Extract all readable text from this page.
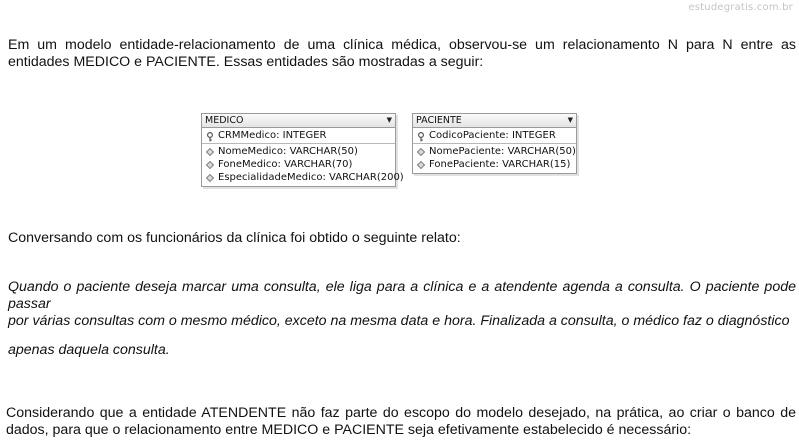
estudegratis.com.br
Em um modelo entidade-relacionamento de uma clínica médica, observou-se um relacionamento N para N entre as entidades MEDICO e PACIENTE. Essas entidades são mostradas a seguir:
MEDICO	▼
CRMMedico: INTEGER
NomeMedico: VARCHAR(50)
FoneMedico: VARCHAR(70)
EspecialidadeMedico: VARCHAR(200)
PACIENTE	▼
CodicoPaciente: INTEGER
NomePaciente: VARCHAR(50)
FonePaciente: VARCHAR(15)
Conversando com os funcionários da clínica foi obtido o seguinte relato:
Quando o paciente deseja marcar uma consulta, ele liga para a clínica e a atendente agenda a consulta. O paciente pode passar
por várias consultas com o mesmo médico, exceto na mesma data e hora. Finalizada a consulta, o médico faz o diagnóstico
apenas daquela consulta.
Considerando que a entidade ATENDENTE não faz parte do escopo do modelo desejado, na prática, ao criar o banco de dados, para que o relacionamento entre MEDICO e PACIENTE seja efetivamente estabelecido é necessário:
